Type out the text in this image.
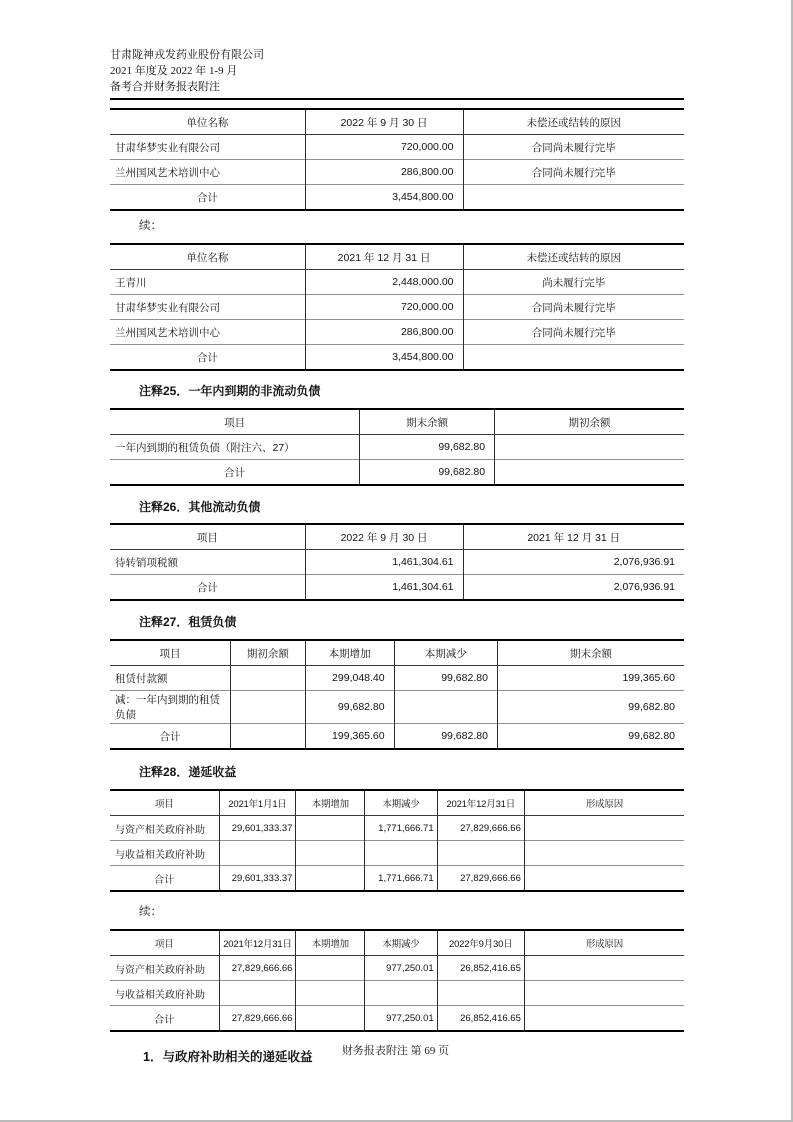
甘肃陇神戎发药业股份有限公司
2021 年度及 2022 年 1-9 月
备考合并财务报表附注
单位名称	2022 年 9 月 30 日	未偿还或结转的原因
甘肃华梦实业有限公司	720,000.00	合同尚未履行完毕
兰州国风艺术培训中心	286,800.00	合同尚未履行完毕
合计	3,454,800.00	
续：
单位名称	2021 年 12 月 31 日	未偿还或结转的原因
王青川	2,448,000.00	尚未履行完毕
甘肃华梦实业有限公司	720,000.00	合同尚未履行完毕
兰州国风艺术培训中心	286,800.00	合同尚未履行完毕
合计	3,454,800.00	
注释25．一年内到期的非流动负债
项目	期末余额	期初余额
一年内到期的租赁负债（附注六、27）	99,682.80	
合计	99,682.80	
注释26．其他流动负债
项目	2022 年 9 月 30 日	2021 年 12 月 31 日
待转销项税额	1,461,304.61	2,076,936.91
合计	1,461,304.61	2,076,936.91
注释27．租赁负债
项目	期初余额	本期增加	本期减少	期末余额
租赁付款额		299,048.40	99,682.80	199,365.60
减：一年内到期的租赁负债		99,682.80		99,682.80
合计		199,365.60	99,682.80	99,682.80
注释28．递延收益
项目	2021年1月1日	本期增加	本期减少	2021年12月31日	形成原因
与资产相关政府补助	29,601,333.37		1,771,666.71	27,829,666.66	
与收益相关政府补助					
合计	29,601,333.37		1,771,666.71	27,829,666.66	
续：
项目	2021年12月31日	本期增加	本期减少	2022年9月30日	形成原因
与资产相关政府补助	27,829,666.66		977,250.01	26,852,416.65	
与收益相关政府补助					
合计	27,829,666.66		977,250.01	26,852,416.65	
1．与政府补助相关的递延收益	财务报表附注 第 69 页
